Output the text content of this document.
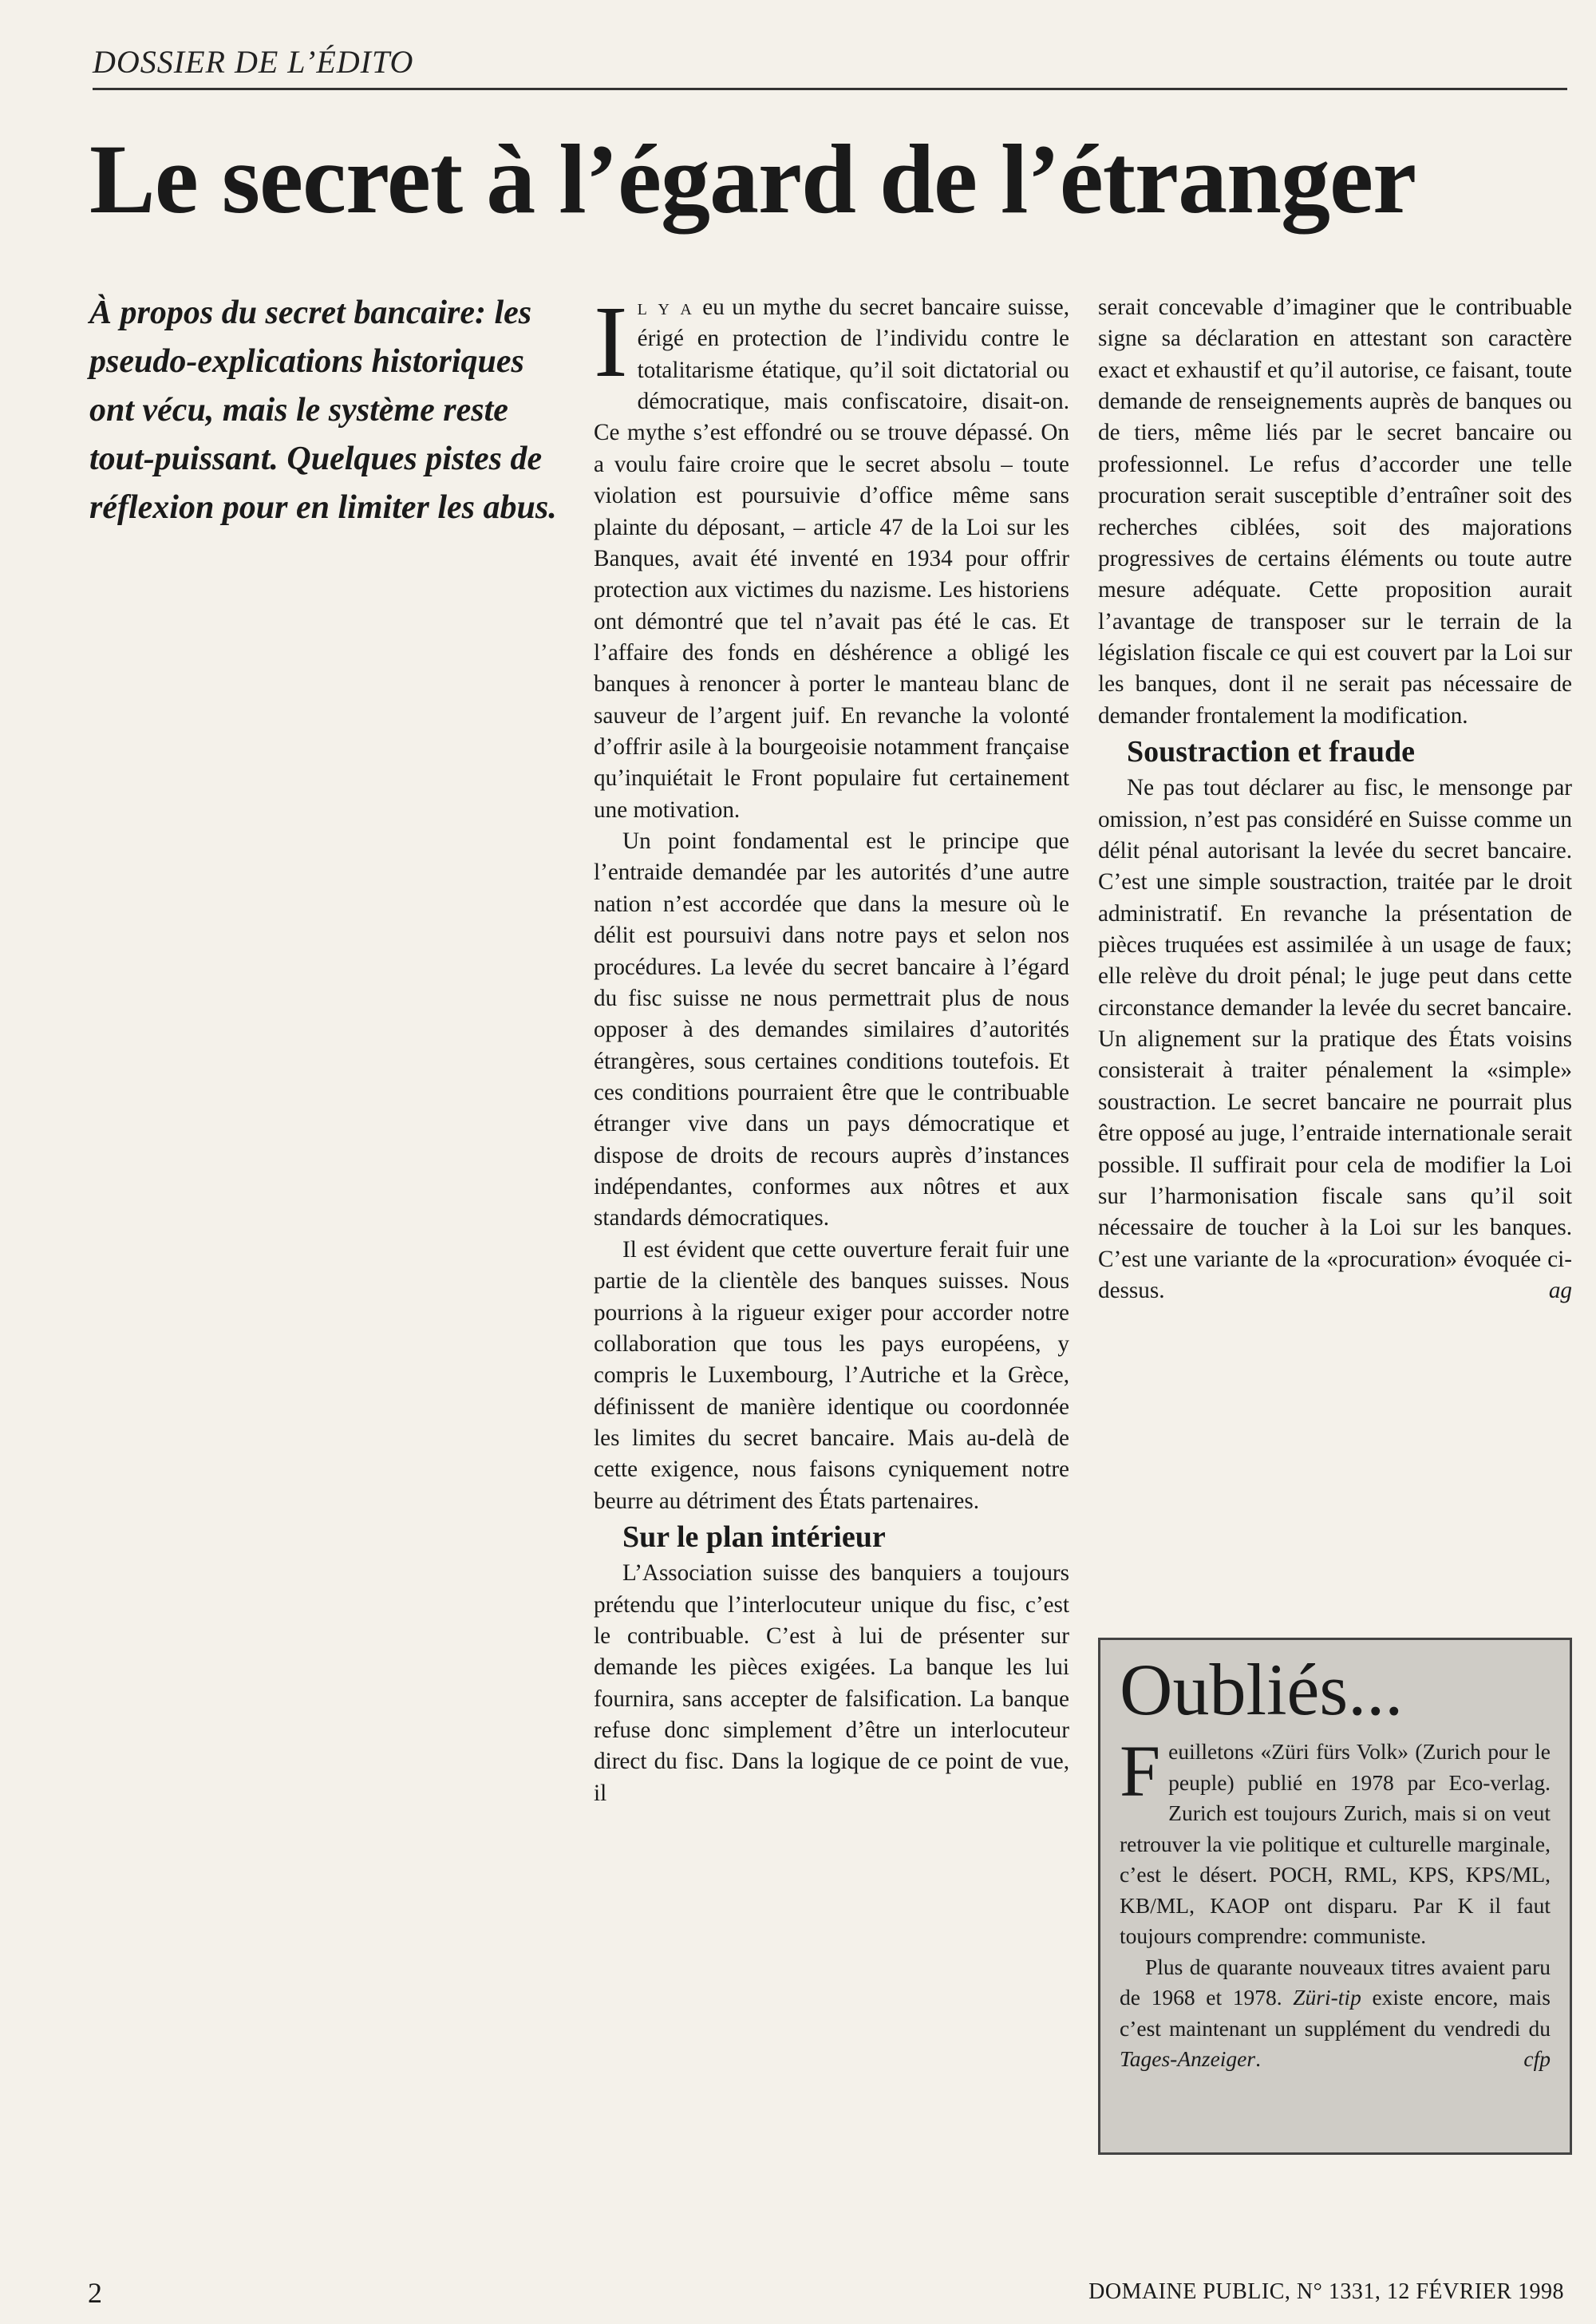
DOSSIER DE L’ÉDITO
Le secret à l’égard de l’étranger
À propos du secret bancaire: les pseudo-explications historiques ont vécu, mais le système reste tout-puissant. Quelques pistes de réflexion pour en limiter les abus.

I L Y A eu un mythe du secret bancaire suisse, érigé en protection de l’individu contre le totalitarisme étatique, qu’il soit dictatorial ou démocratique, mais confiscatoire, disait-on. Ce mythe s’est effondré ou se trouve dépassé. On a voulu faire croire que le secret absolu – toute violation est poursuivie d’office même sans plainte du déposant, – article 47 de la Loi sur les Banques, avait été inventé en 1934 pour offrir protection aux victimes du nazisme. Les historiens ont démontré que tel n’avait pas été le cas. Et l’affaire des fonds en déshérence a obligé les banques à renoncer à porter le manteau blanc de sauveur de l’argent juif. En revanche la volonté d’offrir asile à la bourgeoisie notamment française qu’inquiétait le Front populaire fut certainement une motivation.

Un point fondamental est le principe que l’entraide demandée par les autorités d’une autre nation n’est accordée que dans la mesure où le délit est poursuivi dans notre pays et selon nos procédures. La levée du secret bancaire à l’égard du fisc suisse ne nous permettrait plus de nous opposer à des demandes similaires d’autorités étrangères, sous certaines conditions toutefois. Et ces conditions pourraient être que le contribuable étranger vive dans un pays démocratique et dispose de droits de recours auprès d’instances indépendantes, conformes aux nôtres et aux standards démocratiques.

Il est évident que cette ouverture ferait fuir une partie de la clientèle des banques suisses. Nous pourrions à la rigueur exiger pour accorder notre collaboration que tous les pays européens, y compris le Luxembourg, l’Autriche et la Grèce, définissent de manière identique ou coordonnée les limites du secret bancaire. Mais au-delà de cette exigence, nous faisons cyniquement notre beurre au détriment des États partenaires.

Sur le plan intérieur

L’Association suisse des banquiers a toujours prétendu que l’interlocuteur unique du fisc, c’est le contribuable. C’est à lui de présenter sur demande les pièces exigées. La banque les lui fournira, sans accepter de falsification. La banque refuse donc simplement d’être un interlocuteur direct du fisc. Dans la logique de ce point de vue, il

serait concevable d’imaginer que le contribuable signe sa déclaration en attestant son caractère exact et exhaustif et qu’il autorise, ce faisant, toute demande de renseignements auprès de banques ou de tiers, même liés par le secret bancaire ou professionnel. Le refus d’accorder une telle procuration serait susceptible d’entraîner soit des recherches ciblées, soit des majorations progressives de certains éléments ou toute autre mesure adéquate. Cette proposition aurait l’avantage de transposer sur le terrain de la législation fiscale ce qui est couvert par la Loi sur les banques, dont il ne serait pas nécessaire de demander frontalement la modification.

Soustraction et fraude

Ne pas tout déclarer au fisc, le mensonge par omission, n’est pas considéré en Suisse comme un délit pénal autorisant la levée du secret bancaire. C’est une simple soustraction, traitée par le droit administratif. En revanche la présentation de pièces truquées est assimilée à un usage de faux; elle relève du droit pénal; le juge peut dans cette circonstance demander la levée du secret bancaire. Un alignement sur la pratique des États voisins consisterait à traiter pénalement la «simple» soustraction. Le secret bancaire ne pourrait plus être opposé au juge, l’entraide internationale serait possible. Il suffirait pour cela de modifier la Loi sur l’harmonisation fiscale sans qu’il soit nécessaire de toucher à la Loi sur les banques. C’est une variante de la «procuration» évoquée ci-dessus.	ag

Oubliés...

Feuilletons «Züri fürs Volk» (Zurich pour le peuple) publié en 1978 par Eco-verlag. Zurich est toujours Zurich, mais si on veut retrouver la vie politique et culturelle marginale, c’est le désert. POCH, RML, KPS, KPS/ML, KB/ML, KAOP ont disparu. Par K il faut toujours comprendre: communiste.

Plus de quarante nouveaux titres avaient paru de 1968 et 1978. Züri-tip existe encore, mais c’est maintenant un supplément du vendredi du Tages-Anzeiger.	cfp

2	DOMAINE PUBLIC, N° 1331, 12 FÉVRIER 1998
